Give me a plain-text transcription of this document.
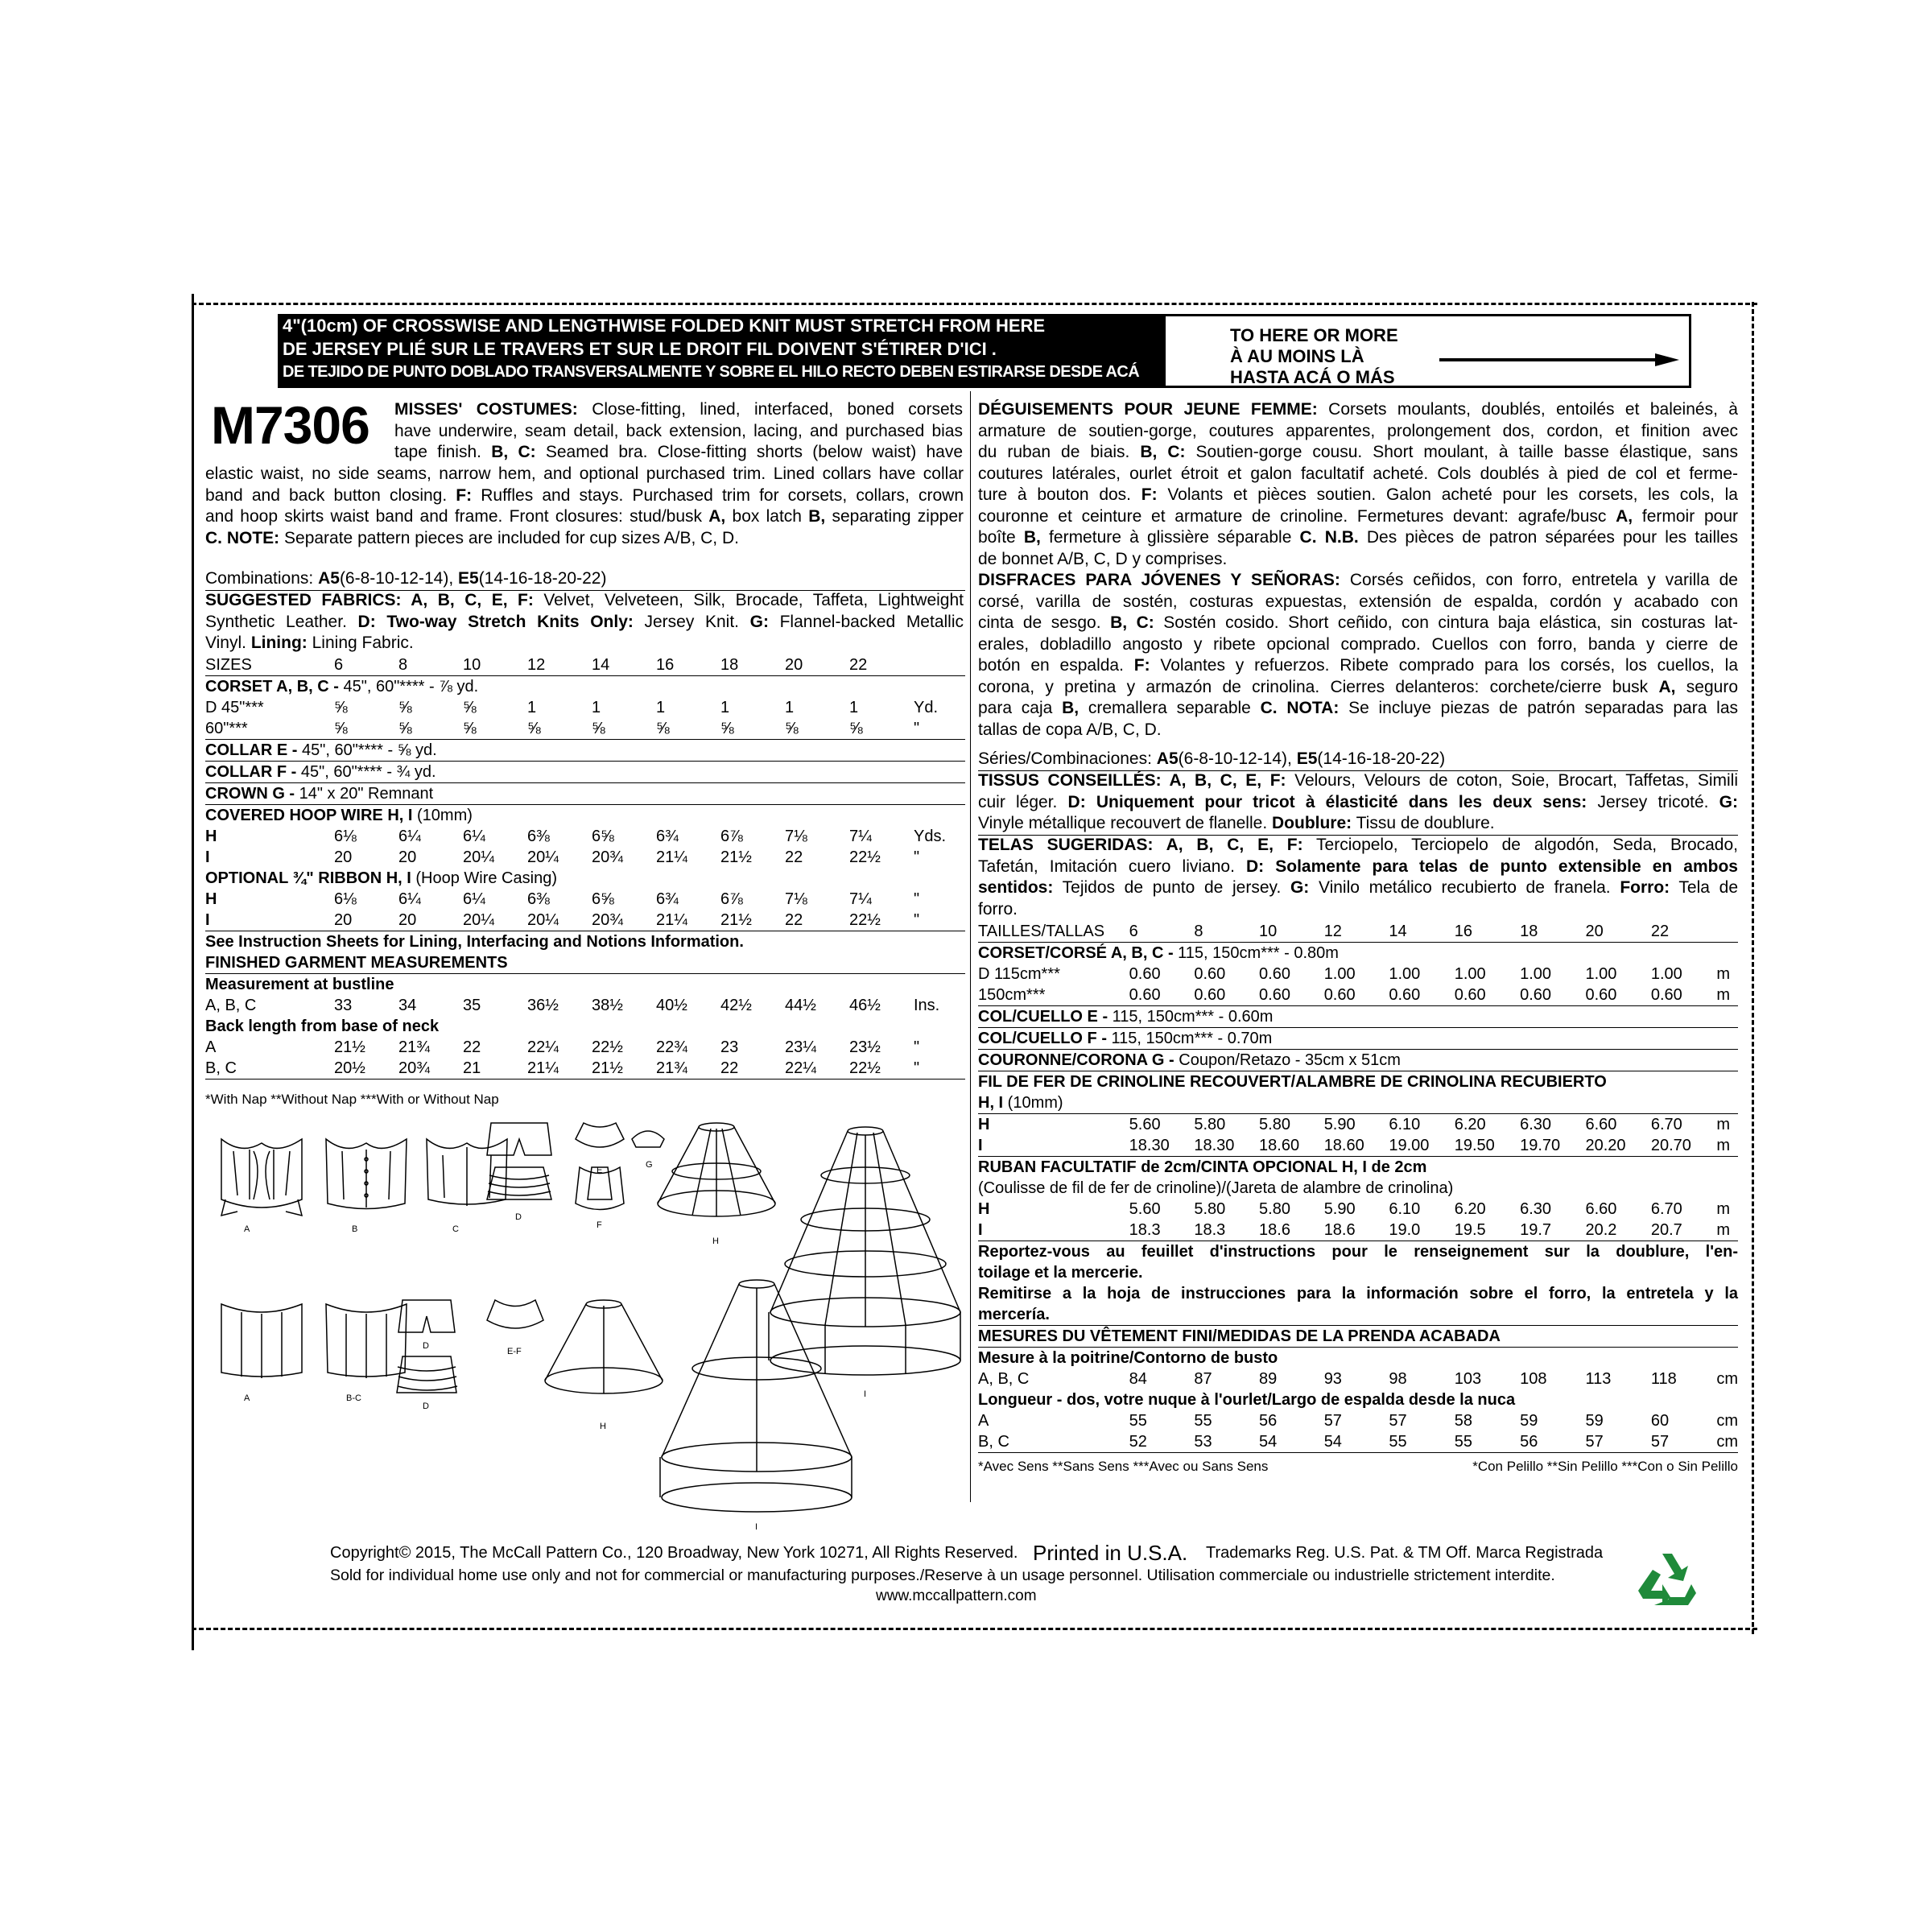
4"(10cm) OF CROSSWISE AND LENGTHWISE FOLDED KNIT MUST STRETCH FROM HERE
DE JERSEY PLIÉ SUR LE TRAVERS ET SUR LE DROIT FIL DOIVENT S'ÉTIRER D'ICI .
DE TEJIDO DE PUNTO DOBLADO TRANSVERSALMENTE Y SOBRE EL HILO RECTO DEBEN ESTIRARSE DESDE ACÁ
TO HERE OR MORE
À AU MOINS LÀ
HASTA ACÁ O MÁS
M7306 MISSES' COSTUMES: Close-fitting, lined, interfaced, boned corsets
have underwire, seam detail, back extension, lacing, and purchased bias
tape finish. B, C: Seamed bra. Close-fitting shorts (below waist) have
elastic waist, no side seams, narrow hem, and optional purchased trim. Lined collars have collar
band and back button closing. F: Ruffles and stays. Purchased trim for corsets, collars, crown
and hoop skirts waist band and frame. Front closures: stud/busk A, box latch B, separating zipper
C. NOTE: Separate pattern pieces are included for cup sizes A/B, C, D.
Combinations: A5(6-8-10-12-14), E5(14-16-18-20-22)
SUGGESTED FABRICS: A, B, C, E, F: Velvet, Velveteen, Silk, Brocade, Taffeta, Lightweight
Synthetic Leather. D: Two-way Stretch Knits Only: Jersey Knit. G: Flannel-backed Metallic
Vinyl. Lining: Lining Fabric.
SIZES	6	8	10	12	14	16	18	20	22	
CORSET A, B, C - 45", 60"**** - ⅞ yd.										
D 45"***	⅝	⅝	⅝	1	1	1	1	1	1	Yd.
60"***	⅝	⅝	⅝	⅝	⅝	⅝	⅝	⅝	⅝	"
COLLAR E - 45", 60"**** - ⅝ yd.										
COLLAR F - 45", 60"**** - ¾ yd.										
CROWN G - 14" x 20" Remnant										
COVERED HOOP WIRE H, I (10mm)										
H	6⅛	6¼	6¼	6⅜	6⅝	6¾	6⅞	7⅛	7¼	Yds.
I	20	20	20¼	20¼	20¾	21¼	21½	22	22½	"
OPTIONAL ¾" RIBBON H, I (Hoop Wire Casing)										
H	6⅛	6¼	6¼	6⅜	6⅝	6¾	6⅞	7⅛	7¼	"
I	20	20	20¼	20¼	20¾	21¼	21½	22	22½	"
See Instruction Sheets for Lining, Interfacing and Notions Information.										
FINISHED GARMENT MEASUREMENTS										
Measurement at bustline										
A, B, C	33	34	35	36½	38½	40½	42½	44½	46½	Ins.
Back length from base of neck										
A	21½	21¾	22	22¼	22½	22¾	23	23¼	23½	"
B, C	20½	20¾	21	21¼	21½	21¾	22	22¼	22½	"
*With Nap **Without Nap ***With or Without Nap
DÉGUISEMENTS POUR JEUNE FEMME: Corsets moulants, doublés, entoilés et baleinés, à
armature de soutien-gorge, coutures apparentes, prolongement dos, cordon, et finition avec
du ruban de biais. B, C: Soutien-gorge cousu. Short moulant, à taille basse élastique, sans
coutures latérales, ourlet étroit et galon facultatif acheté. Cols doublés à pied de col et ferme-
ture à bouton dos. F: Volants et pièces soutien. Galon acheté pour les corsets, les cols, la
couronne et ceinture et armature de crinoline. Fermetures devant: agrafe/busc A, fermoir pour
boîte B, fermeture à glissière séparable C. N.B. Des pièces de patron séparées pour les tailles
de bonnet A/B, C, D y comprises.
DISFRACES PARA JÓVENES Y SEÑORAS: Corsés ceñidos, con forro, entretela y varilla de
corsé, varilla de sostén, costuras expuestas, extensión de espalda, cordón y acabado con
cinta de sesgo. B, C: Sostén cosido. Short ceñido, con cintura baja elástica, sin costuras lat-
erales, dobladillo angosto y ribete opcional comprado. Cuellos con forro, banda y cierre de
botón en espalda. F: Volantes y refuerzos. Ribete comprado para los corsés, los cuellos, la
corona, y pretina y armazón de crinolina. Cierres delanteros: corchete/cierre busk A, seguro
para caja B, cremallera separable C. NOTA: Se incluye piezas de patrón separadas para las
tallas de copa A/B, C, D.
Séries/Combinaciones: A5(6-8-10-12-14), E5(14-16-18-20-22)
TISSUS CONSEILLÉS: A, B, C, E, F: Velours, Velours de coton, Soie, Brocart, Taffetas, Simili
cuir léger. D: Uniquement pour tricot à élasticité dans les deux sens: Jersey tricoté. G:
Vinyle métallique recouvert de flanelle. Doublure: Tissu de doublure.
TELAS SUGERIDAS: A, B, C, E, F: Terciopelo, Terciopelo de algodón, Seda, Brocado,
Tafetán, Imitación cuero liviano. D: Solamente para telas de punto extensible en ambos
sentidos: Tejidos de punto de jersey. G: Vinilo metálico recubierto de franela. Forro: Tela de
forro.
TAILLES/TALLAS	6	8	10	12	14	16	18	20	22	
CORSET/CORSÉ A, B, C - 115, 150cm*** - 0.80m										
D 115cm***	0.60	0.60	0.60	1.00	1.00	1.00	1.00	1.00	1.00	m
150cm***	0.60	0.60	0.60	0.60	0.60	0.60	0.60	0.60	0.60	m
COL/CUELLO E - 115, 150cm*** - 0.60m										
COL/CUELLO F - 115, 150cm*** - 0.70m										
COURONNE/CORONA G - Coupon/Retazo - 35cm x 51cm										
FIL DE FER DE CRINOLINE RECOUVERT/ALAMBRE DE CRINOLINA RECUBIERTO										
H, I (10mm)										
H	5.60	5.80	5.80	5.90	6.10	6.20	6.30	6.60	6.70	m
I	18.30	18.30	18.60	18.60	19.00	19.50	19.70	20.20	20.70	m
RUBAN FACULTATIF de 2cm/CINTA OPCIONAL H, I de 2cm										
(Coulisse de fil de fer de crinoline)/(Jareta de alambre de crinolina)										
H	5.60	5.80	5.80	5.90	6.10	6.20	6.30	6.60	6.70	m
I	18.3	18.3	18.6	18.6	19.0	19.5	19.7	20.2	20.7	m
Reportez-vous au feuillet d'instructions pour le renseignement sur la doublure, l'en-										
toilage et la mercerie.										
Remitirse a la hoja de instrucciones para la información sobre el forro, la entretela y la										
mercería.										
MESURES DU VÊTEMENT FINI/MEDIDAS DE LA PRENDA ACABADA										
Mesure à la poitrine/Contorno de busto										
A, B, C	84	87	89	93	98	103	108	113	118	cm
Longueur - dos, votre nuque à l'ourlet/Largo de espalda desde la nuca										
A	55	55	56	57	57	58	59	59	60	cm
B, C	52	53	54	54	55	55	56	57	57	cm
*Avec Sens **Sans Sens ***Avec ou Sans Sens					*Con Pelillo **Sin Pelillo ***Con o Sin Pelillo					
A	B	C
D
E
F
G
H
I
A	B-C
D
D
E-F
H
I
Copyright© 2015, The McCall Pattern Co., 120 Broadway, New York 10271, All Rights Reserved. Printed in U.S.A. Trademarks Reg. U.S. Pat. & TM Off. Marca Registrada
Sold for individual home use only and not for commercial or manufacturing purposes./Reserve à un usage personnel. Utilisation commerciale ou industrielle strictement interdite.
www.mccallpattern.com
